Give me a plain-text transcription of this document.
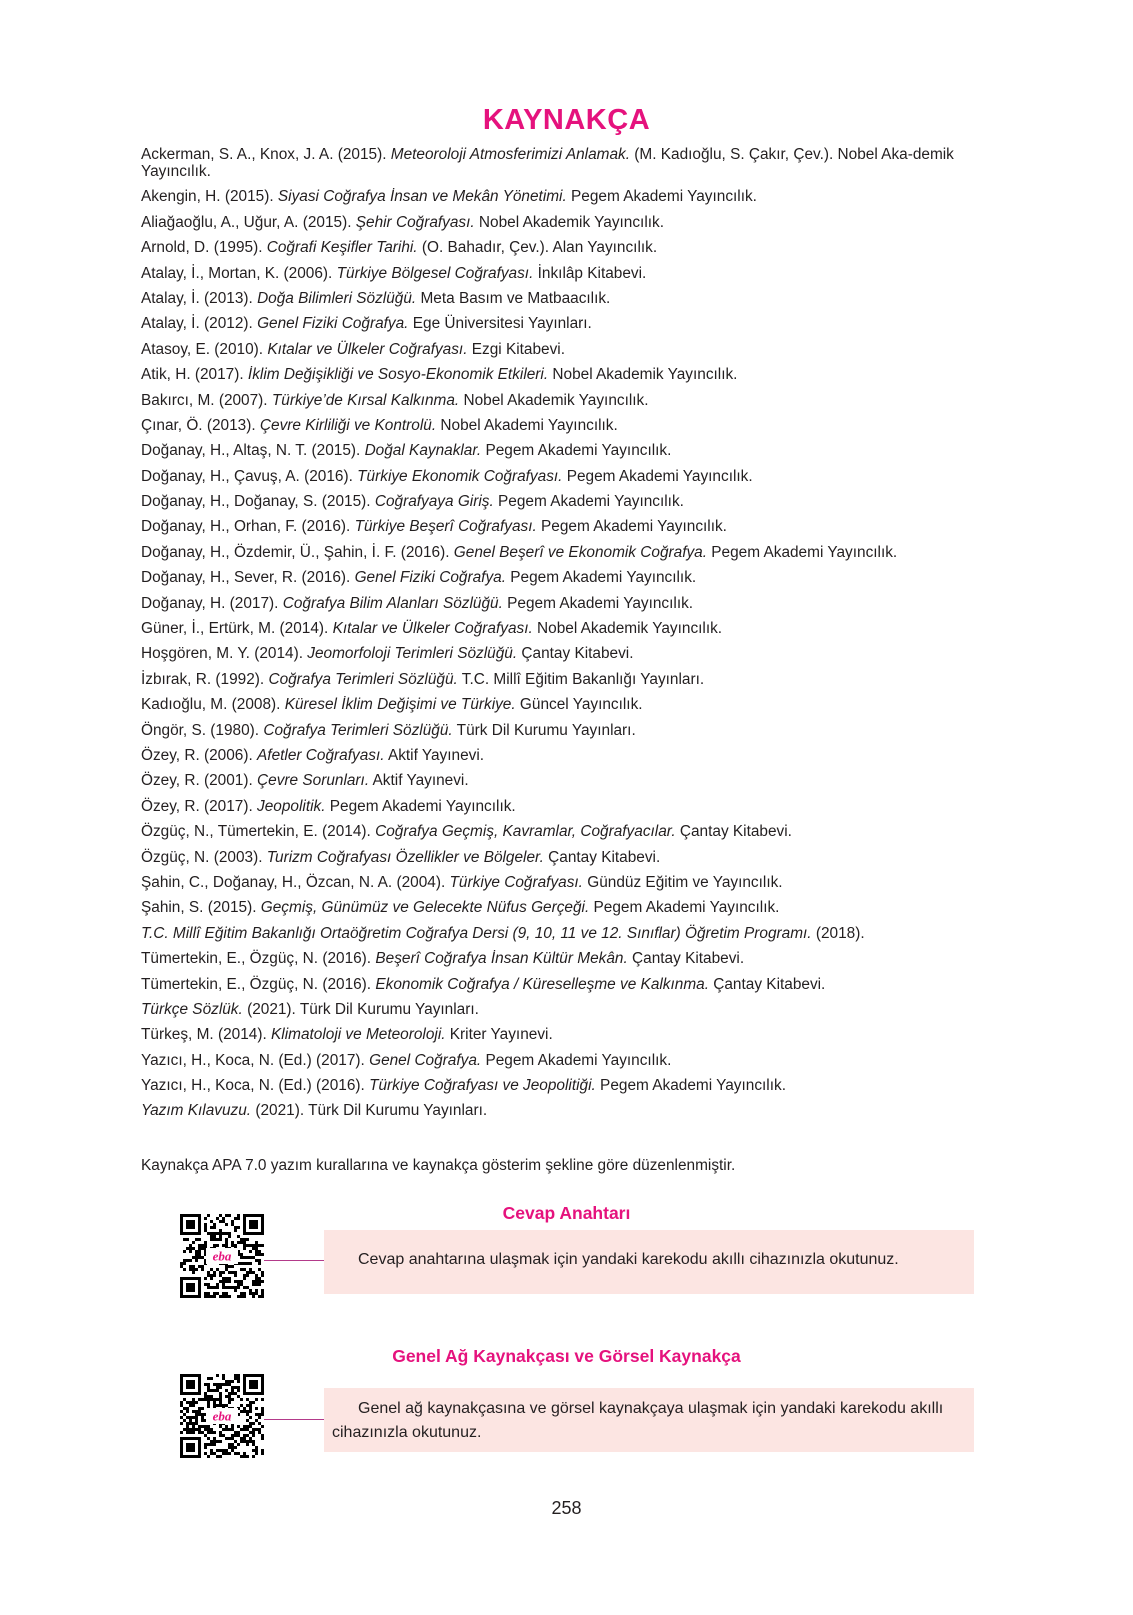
KAYNAKÇA
Ackerman, S. A., Knox, J. A. (2015). Meteoroloji Atmosferimizi Anlamak. (M. Kadıoğlu, S. Çakır, Çev.). Nobel Aka-demik Yayıncılık.
Akengin, H. (2015). Siyasi Coğrafya İnsan ve Mekân Yönetimi. Pegem Akademi Yayıncılık.
Aliağaoğlu, A., Uğur, A. (2015). Şehir Coğrafyası. Nobel Akademik Yayıncılık.
Arnold, D. (1995). Coğrafi Keşifler Tarihi. (O. Bahadır, Çev.). Alan Yayıncılık.
Atalay, İ., Mortan, K. (2006). Türkiye Bölgesel Coğrafyası. İnkılâp Kitabevi.
Atalay, İ. (2013). Doğa Bilimleri Sözlüğü. Meta Basım ve Matbaacılık.
Atalay, İ. (2012). Genel Fiziki Coğrafya. Ege Üniversitesi Yayınları.
Atasoy, E. (2010). Kıtalar ve Ülkeler Coğrafyası. Ezgi Kitabevi.
Atik, H. (2017). İklim Değişikliği ve Sosyo-Ekonomik Etkileri. Nobel Akademik Yayıncılık.
Bakırcı, M. (2007). Türkiye’de Kırsal Kalkınma. Nobel Akademik Yayıncılık.
Çınar, Ö. (2013). Çevre Kirliliği ve Kontrolü. Nobel Akademi Yayıncılık.
Doğanay, H., Altaş, N. T. (2015). Doğal Kaynaklar. Pegem Akademi Yayıncılık.
Doğanay, H., Çavuş, A. (2016). Türkiye Ekonomik Coğrafyası. Pegem Akademi Yayıncılık.
Doğanay, H., Doğanay, S. (2015). Coğrafyaya Giriş. Pegem Akademi Yayıncılık.
Doğanay, H., Orhan, F. (2016). Türkiye Beşerî Coğrafyası. Pegem Akademi Yayıncılık.
Doğanay, H., Özdemir, Ü., Şahin, İ. F. (2016). Genel Beşerî ve Ekonomik Coğrafya. Pegem Akademi Yayıncılık.
Doğanay, H., Sever, R. (2016). Genel Fiziki Coğrafya. Pegem Akademi Yayıncılık.
Doğanay, H. (2017). Coğrafya Bilim Alanları Sözlüğü. Pegem Akademi Yayıncılık.
Güner, İ., Ertürk, M. (2014). Kıtalar ve Ülkeler Coğrafyası. Nobel Akademik Yayıncılık.
Hoşgören, M. Y. (2014). Jeomorfoloji Terimleri Sözlüğü. Çantay Kitabevi.
İzbırak, R. (1992). Coğrafya Terimleri Sözlüğü. T.C. Millî Eğitim Bakanlığı Yayınları.
Kadıoğlu, M. (2008). Küresel İklim Değişimi ve Türkiye. Güncel Yayıncılık.
Öngör, S. (1980). Coğrafya Terimleri Sözlüğü. Türk Dil Kurumu Yayınları.
Özey, R. (2006). Afetler Coğrafyası. Aktif Yayınevi.
Özey, R. (2001). Çevre Sorunları. Aktif Yayınevi.
Özey, R. (2017). Jeopolitik. Pegem Akademi Yayıncılık.
Özgüç, N., Tümertekin, E. (2014). Coğrafya Geçmiş, Kavramlar, Coğrafyacılar. Çantay Kitabevi.
Özgüç, N. (2003). Turizm Coğrafyası Özellikler ve Bölgeler. Çantay Kitabevi.
Şahin, C., Doğanay, H., Özcan, N. A. (2004). Türkiye Coğrafyası. Gündüz Eğitim ve Yayıncılık.
Şahin, S. (2015). Geçmiş, Günümüz ve Gelecekte Nüfus Gerçeği. Pegem Akademi Yayıncılık.
T.C. Millî Eğitim Bakanlığı Ortaöğretim Coğrafya Dersi (9, 10, 11 ve 12. Sınıflar) Öğretim Programı. (2018).
Tümertekin, E., Özgüç, N. (2016). Beşerî Coğrafya İnsan Kültür Mekân. Çantay Kitabevi.
Tümertekin, E., Özgüç, N. (2016). Ekonomik Coğrafya / Küreselleşme ve Kalkınma. Çantay Kitabevi.
Türkçe Sözlük. (2021). Türk Dil Kurumu Yayınları.
Türkeş, M. (2014). Klimatoloji ve Meteoroloji. Kriter Yayınevi.
Yazıcı, H., Koca, N. (Ed.) (2017). Genel Coğrafya. Pegem Akademi Yayıncılık.
Yazıcı, H., Koca, N. (Ed.) (2016). Türkiye Coğrafyası ve Jeopolitiği. Pegem Akademi Yayıncılık.
Yazım Kılavuzu. (2021). Türk Dil Kurumu Yayınları.
Kaynakça APA 7.0 yazım kurallarına ve kaynakça gösterim şekline göre düzenlenmiştir.
Cevap Anahtarı
eba	Cevap anahtarına ulaşmak için yandaki karekodu akıllı cihazınızla okutunuz.
Genel Ağ Kaynakçası ve Görsel Kaynakça
eba	Genel ağ kaynakçasına ve görsel kaynakçaya ulaşmak için yandaki karekodu akıllı cihazınızla okutunuz.
258
